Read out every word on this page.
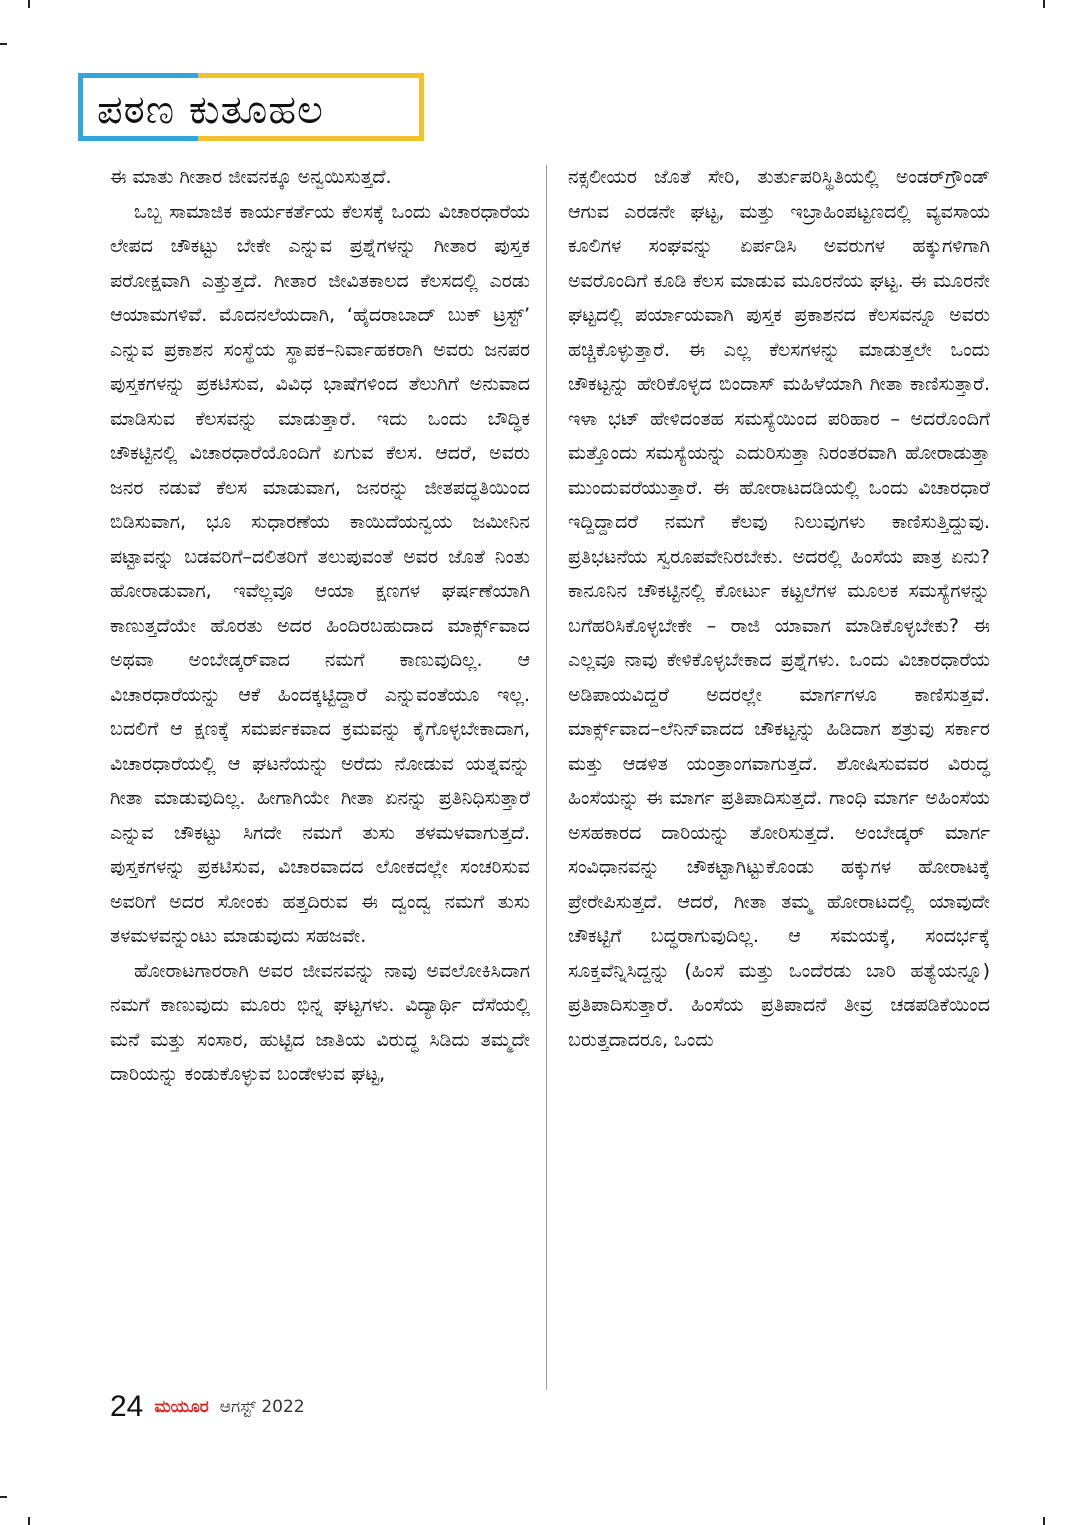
ಪಠಣ ಕುತೂಹಲ

ಈ ಮಾತು ಗೀತಾರ ಜೀವನಕ್ಕೂ ಅನ್ವಯಿಸುತ್ತದೆ.

ಒಬ್ಬ ಸಾಮಾಜಿಕ ಕಾರ್ಯಕರ್ತೆಯ ಕೆಲಸಕ್ಕೆ ಒಂದು ವಿಚಾರಧಾರೆಯ ಲೇಪದ ಚೌಕಟ್ಟು ಬೇಕೇ ಎನ್ನುವ ಪ್ರಶ್ನೆಗಳನ್ನು ಗೀತಾರ ಪುಸ್ತಕ ಪರೋಕ್ಷವಾಗಿ ಎತ್ತುತ್ತದೆ. ಗೀತಾರ ಜೀವಿತಕಾಲದ ಕೆಲಸದಲ್ಲಿ ಎರಡು ಆಯಾಮಗಳಿವೆ. ಮೊದನಲೆಯದಾಗಿ, ‘ಹೈದರಾಬಾದ್ ಬುಕ್ ಟ್ರಸ್ಟ್’ ಎನ್ನುವ ಪ್ರಕಾಶನ ಸಂಸ್ಥೆಯ ಸ್ಥಾಪಕ–ನಿರ್ವಾಹಕರಾಗಿ ಅವರು ಜನಪರ ಪುಸ್ತಕಗಳನ್ನು ಪ್ರಕಟಿಸುವ, ವಿವಿಧ ಭಾಷೆಗಳಿಂದ ತೆಲುಗಿಗೆ ಅನುವಾದ ಮಾಡಿಸುವ ಕೆಲಸವನ್ನು ಮಾಡುತ್ತಾರೆ. ಇದು ಒಂದು ಬೌದ್ಧಿಕ ಚೌಕಟ್ಟಿನಲ್ಲಿ ವಿಚಾರಧಾರೆಯೊಂದಿಗೆ ಏಗುವ ಕೆಲಸ. ಆದರೆ, ಅವರು ಜನರ ನಡುವೆ ಕೆಲಸ ಮಾಡುವಾಗ, ಜನರನ್ನು ಜೀತಪದ್ಧತಿಯಿಂದ ಬಿಡಿಸುವಾಗ, ಭೂ ಸುಧಾರಣೆಯ ಕಾಯಿದೆಯನ್ವಯ ಜಮೀನಿನ ಪಟ್ಟಾವನ್ನು ಬಡವರಿಗೆ–ದಲಿತರಿಗೆ ತಲುಪುವಂತೆ ಅವರ ಜೊತೆ ನಿಂತು ಹೋರಾಡುವಾಗ, ಇವೆಲ್ಲವೂ ಆಯಾ ಕ್ಷಣಗಳ ಘರ್ಷಣೆಯಾಗಿ ಕಾಣುತ್ತದೆಯೇ ಹೊರತು ಅದರ ಹಿಂದಿರಬಹುದಾದ ಮಾರ್ಕ್ಸ್‌ವಾದ ಅಥವಾ ಅಂಬೇಡ್ಕರ್‌ವಾದ ನಮಗೆ ಕಾಣುವುದಿಲ್ಲ. ಆ ವಿಚಾರಧಾರೆಯನ್ನು ಆಕೆ ಹಿಂದಕ್ಕಟ್ಟಿದ್ದಾರೆ ಎನ್ನುವಂತೆಯೂ ಇಲ್ಲ. ಬದಲಿಗೆ ಆ ಕ್ಷಣಕ್ಕೆ ಸಮರ್ಪಕವಾದ ಕ್ರಮವನ್ನು ಕೈಗೊಳ್ಳಬೇಕಾದಾಗ, ವಿಚಾರಧಾರೆಯಲ್ಲಿ ಆ ಘಟನೆಯನ್ನು ಅರೆದು ನೋಡುವ ಯತ್ನವನ್ನು ಗೀತಾ ಮಾಡುವುದಿಲ್ಲ. ಹೀಗಾಗಿಯೇ ಗೀತಾ ಏನನ್ನು ಪ್ರತಿನಿಧಿಸುತ್ತಾರೆ ಎನ್ನುವ ಚೌಕಟ್ಟು ಸಿಗದೇ ನಮಗೆ ತುಸು ತಳಮಳವಾಗುತ್ತದೆ. ಪುಸ್ತಕಗಳನ್ನು ಪ್ರಕಟಿಸುವ, ವಿಚಾರವಾದದ ಲೋಕದಲ್ಲೇ ಸಂಚರಿಸುವ ಅವರಿಗೆ ಅದರ ಸೋಂಕು ಹತ್ತದಿರುವ ಈ ದ್ವಂದ್ವ ನಮಗೆ ತುಸು ತಳಮಳವನ್ನುಂಟು ಮಾಡುವುದು ಸಹಜವೇ.

ಹೋರಾಟಗಾರರಾಗಿ ಅವರ ಜೀವನವನ್ನು ನಾವು ಅವಲೋಕಿಸಿದಾಗ ನಮಗೆ ಕಾಣುವುದು ಮೂರು ಭಿನ್ನ ಘಟ್ಟಗಳು. ವಿದ್ಯಾರ್ಥಿ ದೆಸೆಯಲ್ಲಿ ಮನೆ ಮತ್ತು ಸಂಸಾರ, ಹುಟ್ಟಿದ ಜಾತಿಯ ವಿರುದ್ಧ ಸಿಡಿದು ತಮ್ಮದೇ ದಾರಿಯನ್ನು ಕಂಡುಕೊಳ್ಳುವ ಬಂಡೇಳುವ ಘಟ್ಟ,

ನಕ್ಸಲೀಯರ ಜೊತೆ ಸೇರಿ, ತುರ್ತುಪರಿಸ್ಥಿತಿಯಲ್ಲಿ ಅಂಡರ್‌ಗ್ರೌಂಡ್ ಆಗುವ ಎರಡನೇ ಘಟ್ಟ, ಮತ್ತು ಇಬ್ರಾಹಿಂಪಟ್ಟಣದಲ್ಲಿ ವ್ಯವಸಾಯ ಕೂಲಿಗಳ ಸಂಘವನ್ನು ಏರ್ಪಡಿಸಿ ಅವರುಗಳ ಹಕ್ಕುಗಳಿಗಾಗಿ ಅವರೊಂದಿಗೆ ಕೂಡಿ ಕೆಲಸ ಮಾಡುವ ಮೂರನೆಯ ಘಟ್ಟ. ಈ ಮೂರನೇ ಘಟ್ಟದಲ್ಲಿ ಪರ್ಯಾಯವಾಗಿ ಪುಸ್ತಕ ಪ್ರಕಾಶನದ ಕೆಲಸವನ್ನೂ ಅವರು ಹಚ್ಚಿಕೊಳ್ಳುತ್ತಾರೆ. ಈ ಎಲ್ಲ ಕೆಲಸಗಳನ್ನು ಮಾಡುತ್ತಲೇ ಒಂದು ಚೌಕಟ್ಟನ್ನು ಹೇರಿಕೊಳ್ಳದ ಬಿಂದಾಸ್ ಮಹಿಳೆಯಾಗಿ ಗೀತಾ ಕಾಣಿಸುತ್ತಾರೆ. ಇಳಾ ಭಟ್ ಹೇಳಿದಂತಹ ಸಮಸ್ಯೆಯಿಂದ ಪರಿಹಾರ – ಅದರೊಂದಿಗೆ ಮತ್ತೊಂದು ಸಮಸ್ಯೆಯನ್ನು ಎದುರಿಸುತ್ತಾ ನಿರಂತರವಾಗಿ ಹೋರಾಡುತ್ತಾ ಮುಂದುವರೆಯುತ್ತಾರೆ. ಈ ಹೋರಾಟದಡಿಯಲ್ಲಿ ಒಂದು ವಿಚಾರಧಾರೆ ಇದ್ದಿದ್ದಾದರೆ ನಮಗೆ ಕೆಲವು ನಿಲುವುಗಳು ಕಾಣಿಸುತ್ತಿದ್ದುವು. ಪ್ರತಿಭಟನೆಯ ಸ್ವರೂಪವೇನಿರಬೇಕು. ಅದರಲ್ಲಿ ಹಿಂಸೆಯ ಪಾತ್ರ ಏನು? ಕಾನೂನಿನ ಚೌಕಟ್ಟಿನಲ್ಲಿ ಕೋರ್ಟು ಕಟ್ಟಲೆಗಳ ಮೂಲಕ ಸಮಸ್ಯೆಗಳನ್ನು ಬಗೆಹರಿಸಿಕೊಳ್ಳಬೇಕೇ – ರಾಜಿ ಯಾವಾಗ ಮಾಡಿಕೊಳ್ಳಬೇಕು? ಈ ಎಲ್ಲವೂ ನಾವು ಕೇಳಿಕೊಳ್ಳಬೇಕಾದ ಪ್ರಶ್ನೆಗಳು. ಒಂದು ವಿಚಾರಧಾರೆಯ ಅಡಿಪಾಯವಿದ್ದರೆ ಅದರಲ್ಲೇ ಮಾರ್ಗಗಳೂ ಕಾಣಿಸುತ್ತವೆ. ಮಾರ್ಕ್ಸ್‌ವಾದ–ಲೆನಿನ್‌ವಾದದ ಚೌಕಟ್ಟನ್ನು ಹಿಡಿದಾಗ ಶತ್ರುವು ಸರ್ಕಾರ ಮತ್ತು ಆಡಳಿತ ಯಂತ್ರಾಂಗವಾಗುತ್ತದೆ. ಶೋಷಿಸುವವರ ವಿರುದ್ಧ ಹಿಂಸೆಯನ್ನು ಈ ಮಾರ್ಗ ಪ್ರತಿಪಾದಿಸುತ್ತದೆ. ಗಾಂಧಿ ಮಾರ್ಗ ಅಹಿಂಸೆಯ ಅಸಹಕಾರದ ದಾರಿಯನ್ನು ತೋರಿಸುತ್ತದೆ. ಅಂಬೇಡ್ಕರ್ ಮಾರ್ಗ ಸಂವಿಧಾನವನ್ನು ಚೌಕಟ್ಟಾಗಿಟ್ಟುಕೊಂಡು ಹಕ್ಕುಗಳ ಹೋರಾಟಕ್ಕೆ ಪ್ರೇರೇಪಿಸುತ್ತದೆ. ಆದರೆ, ಗೀತಾ ತಮ್ಮ ಹೋರಾಟದಲ್ಲಿ ಯಾವುದೇ ಚೌಕಟ್ಟಿಗೆ ಬದ್ಧರಾಗುವುದಿಲ್ಲ. ಆ ಸಮಯಕ್ಕೆ, ಸಂದರ್ಭಕ್ಕೆ ಸೂಕ್ತವೆನ್ನಿಸಿದ್ದನ್ನು (ಹಿಂಸೆ ಮತ್ತು ಒಂದೆರಡು ಬಾರಿ ಹತ್ಯೆಯನ್ನೂ) ಪ್ರತಿಪಾದಿಸುತ್ತಾರೆ. ಹಿಂಸೆಯ ಪ್ರತಿಪಾದನೆ ತೀವ್ರ ಚಡಪಡಿಕೆಯಿಂದ ಬರುತ್ತದಾದರೂ, ಒಂದು

24 ಮಯೂರ ಆಗಸ್ಟ್ 2022
